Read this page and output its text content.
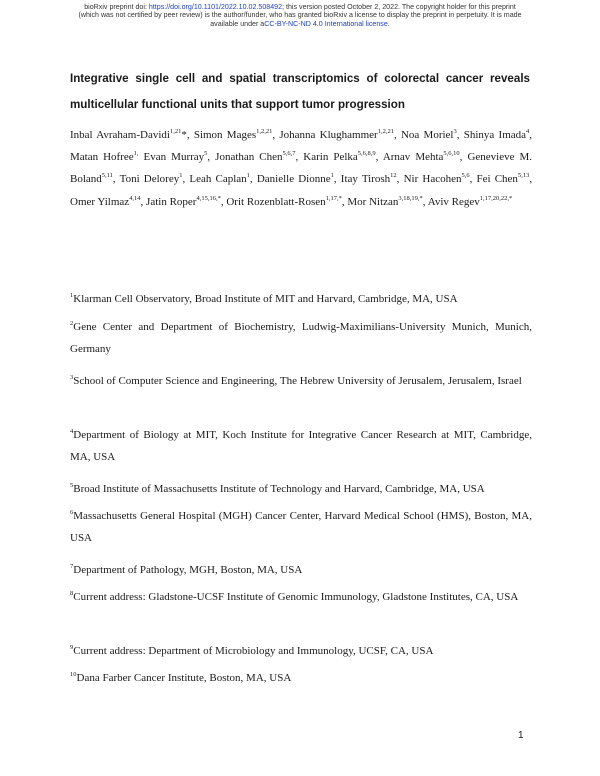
bioRxiv preprint doi: https://doi.org/10.1101/2022.10.02.508492; this version posted October 2, 2022. The copyright holder for this preprint
(which was not certified by peer review) is the author/funder, who has granted bioRxiv a license to display the preprint in perpetuity. It is made
available under aCC-BY-NC-ND 4.0 International license.
Integrative single cell and spatial transcriptomics of colorectal cancer reveals multicellular functional units that support tumor progression
Inbal Avraham-Davidi$^{1,21}$*, Simon Mages$^{1,2,21}$, Johanna Klughammer$^{1,2,21}$, Noa Moriel$^3$, Shinya Imada$^4$, Matan Hofree$^{1,}$ Evan Murray$^5$, Jonathan Chen$^{5,6,7}$, Karin Pelka$^{5,6,8,9}$, Arnav Mehta$^{5,6,10}$, Genevieve M. Boland$^{5,11}$, Toni Delorey$^1$, Leah Caplan$^1$, Danielle Dionne$^1$, Itay Tirosh$^{12}$, Nir Hacohen$^{5,6}$, Fei Chen$^{5,13}$, Omer Yilmaz$^{4,14}$, Jatin Roper$^{4,15,16,*}$, Orit Rozenblatt-Rosen$^{1,17,*}$, Mor Nitzan$^{3,18,19,*}$, Aviv Regev$^{1,17,20,22,*}$
$^1$Klarman Cell Observatory, Broad Institute of MIT and Harvard, Cambridge, MA, USA
$^2$Gene Center and Department of Biochemistry, Ludwig-Maximilians-University Munich, Munich, Germany
$^3$School of Computer Science and Engineering, The Hebrew University of Jerusalem, Jerusalem, Israel
$^4$Department of Biology at MIT, Koch Institute for Integrative Cancer Research at MIT, Cambridge, MA, USA
$^5$Broad Institute of Massachusetts Institute of Technology and Harvard, Cambridge, MA, USA
$^6$Massachusetts General Hospital (MGH) Cancer Center, Harvard Medical School (HMS), Boston, MA, USA
$^7$Department of Pathology, MGH, Boston, MA, USA
$^8$Current address: Gladstone-UCSF Institute of Genomic Immunology, Gladstone Institutes, CA, USA
$^9$Current address: Department of Microbiology and Immunology, UCSF, CA, USA
$^{10}$Dana Farber Cancer Institute, Boston, MA, USA
1
